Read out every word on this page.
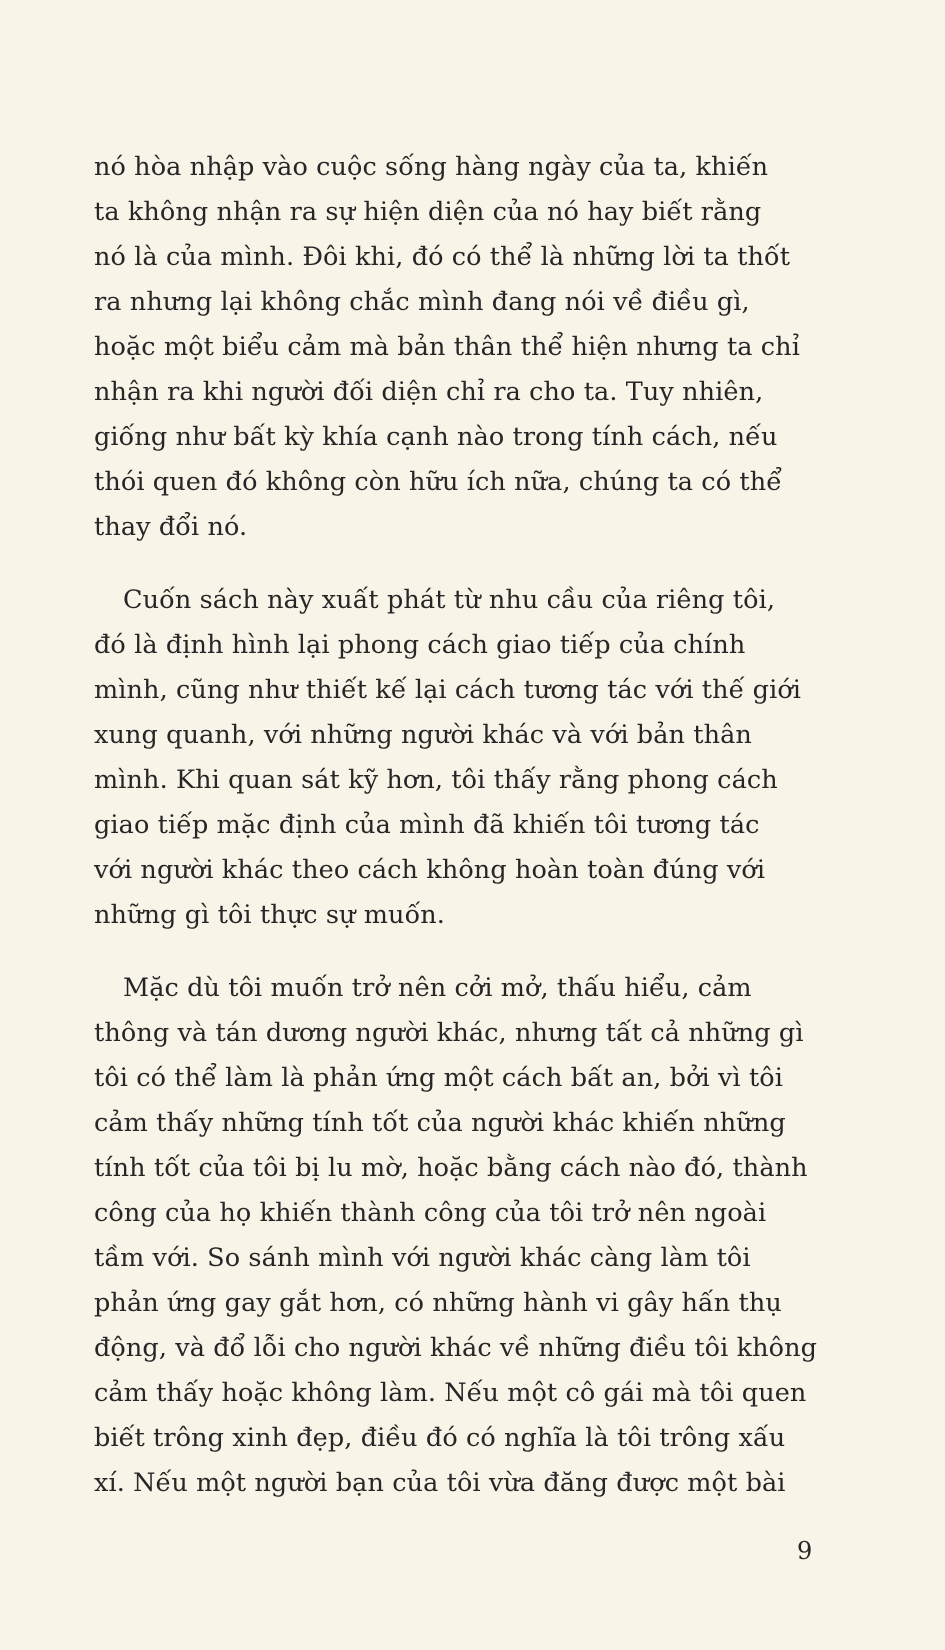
nó hòa nhập vào cuộc sống hàng ngày của ta, khiến
ta không nhận ra sự hiện diện của nó hay biết rằng
nó là của mình. Đôi khi, đó có thể là những lời ta thốt
ra nhưng lại không chắc mình đang nói về điều gì,
hoặc một biểu cảm mà bản thân thể hiện nhưng ta chỉ
nhận ra khi người đối diện chỉ ra cho ta. Tuy nhiên,
giống như bất kỳ khía cạnh nào trong tính cách, nếu
thói quen đó không còn hữu ích nữa, chúng ta có thể
thay đổi nó.
Cuốn sách này xuất phát từ nhu cầu của riêng tôi,
đó là định hình lại phong cách giao tiếp của chính
mình, cũng như thiết kế lại cách tương tác với thế giới
xung quanh, với những người khác và với bản thân
mình. Khi quan sát kỹ hơn, tôi thấy rằng phong cách
giao tiếp mặc định của mình đã khiến tôi tương tác
với người khác theo cách không hoàn toàn đúng với
những gì tôi thực sự muốn.
Mặc dù tôi muốn trở nên cởi mở, thấu hiểu, cảm
thông và tán dương người khác, nhưng tất cả những gì
tôi có thể làm là phản ứng một cách bất an, bởi vì tôi
cảm thấy những tính tốt của người khác khiến những
tính tốt của tôi bị lu mờ, hoặc bằng cách nào đó, thành
công của họ khiến thành công của tôi trở nên ngoài
tầm với. So sánh mình với người khác càng làm tôi
phản ứng gay gắt hơn, có những hành vi gây hấn thụ
động, và đổ lỗi cho người khác về những điều tôi không
cảm thấy hoặc không làm. Nếu một cô gái mà tôi quen
biết trông xinh đẹp, điều đó có nghĩa là tôi trông xấu
xí. Nếu một người bạn của tôi vừa đăng được một bài
9
